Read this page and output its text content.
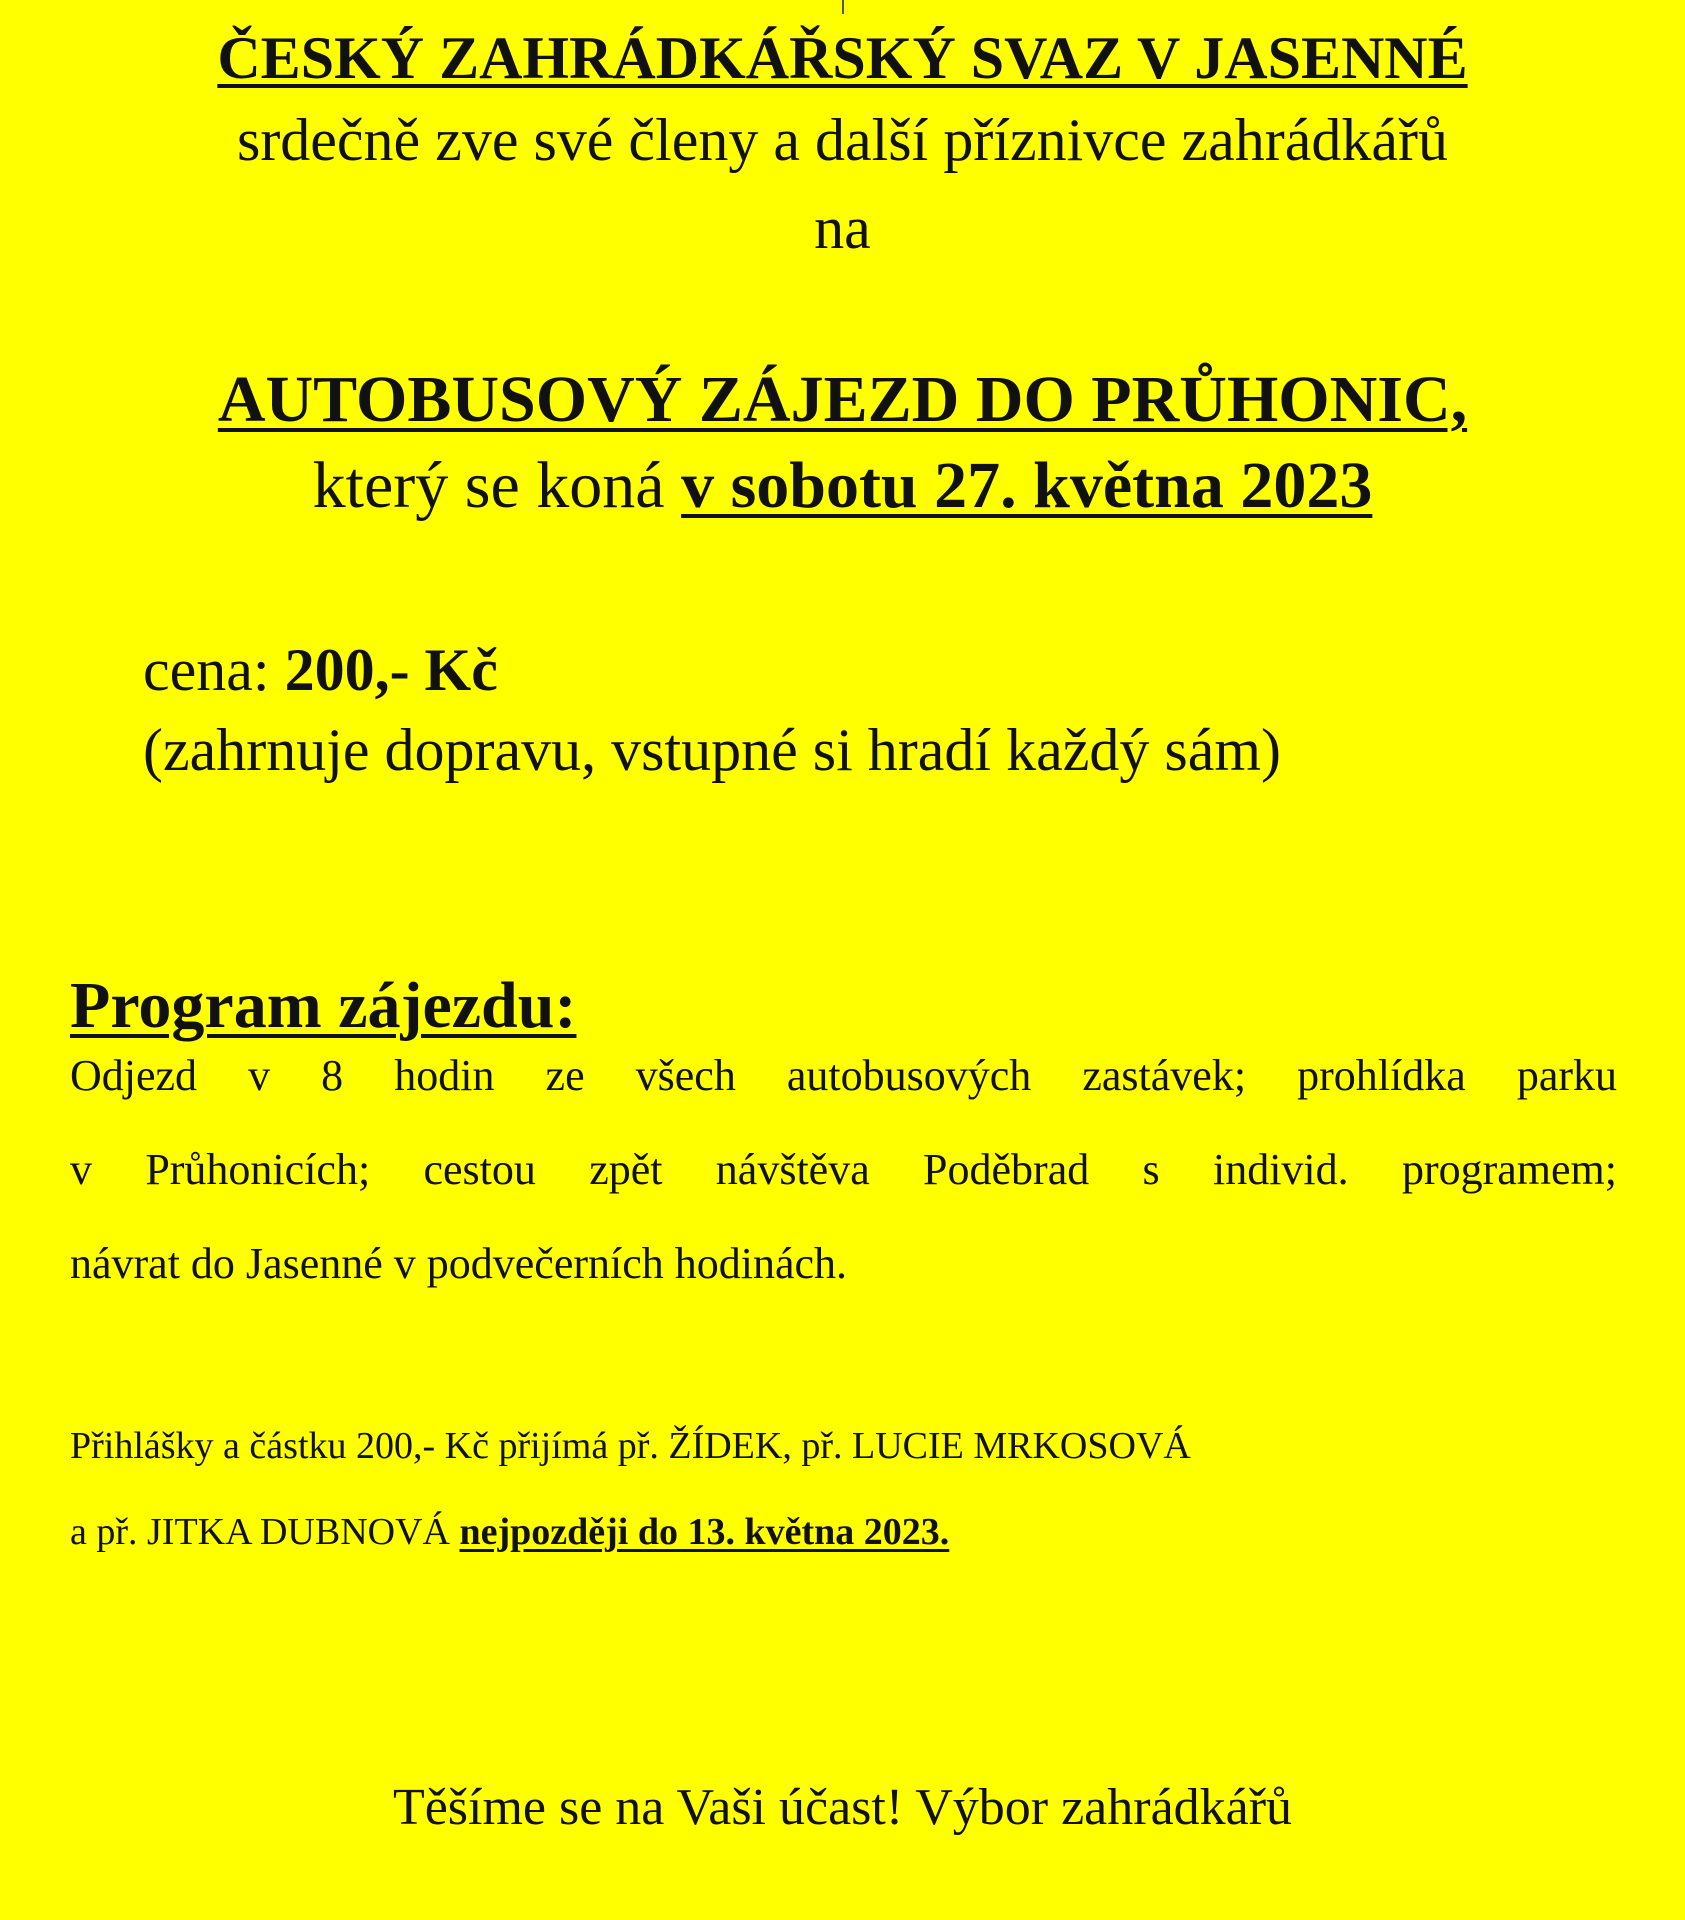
ČESKÝ ZAHRÁDKÁŘSKÝ SVAZ V JASENNÉ
srdečně zve své členy a další příznivce zahrádkářů
na
AUTOBUSOVÝ ZÁJEZD DO PRŮHONIC,
který se koná v sobotu 27. května 2023
cena: 200,- Kč
(zahrnuje dopravu, vstupné si hradí každý sám)
Program zájezdu:
Odjezd v 8 hodin ze všech autobusových zastávek; prohlídka parku
v Průhonicích; cestou zpět návštěva Poděbrad s individ. programem;
návrat do Jasenné v podvečerních hodinách.
Přihlášky a částku 200,- Kč přijímá př. ŽÍDEK, př. LUCIE MRKOSOVÁ
a př. JITKA DUBNOVÁ nejpozději do 13. května 2023.
Těšíme se na Vaši účast! Výbor zahrádkářů
